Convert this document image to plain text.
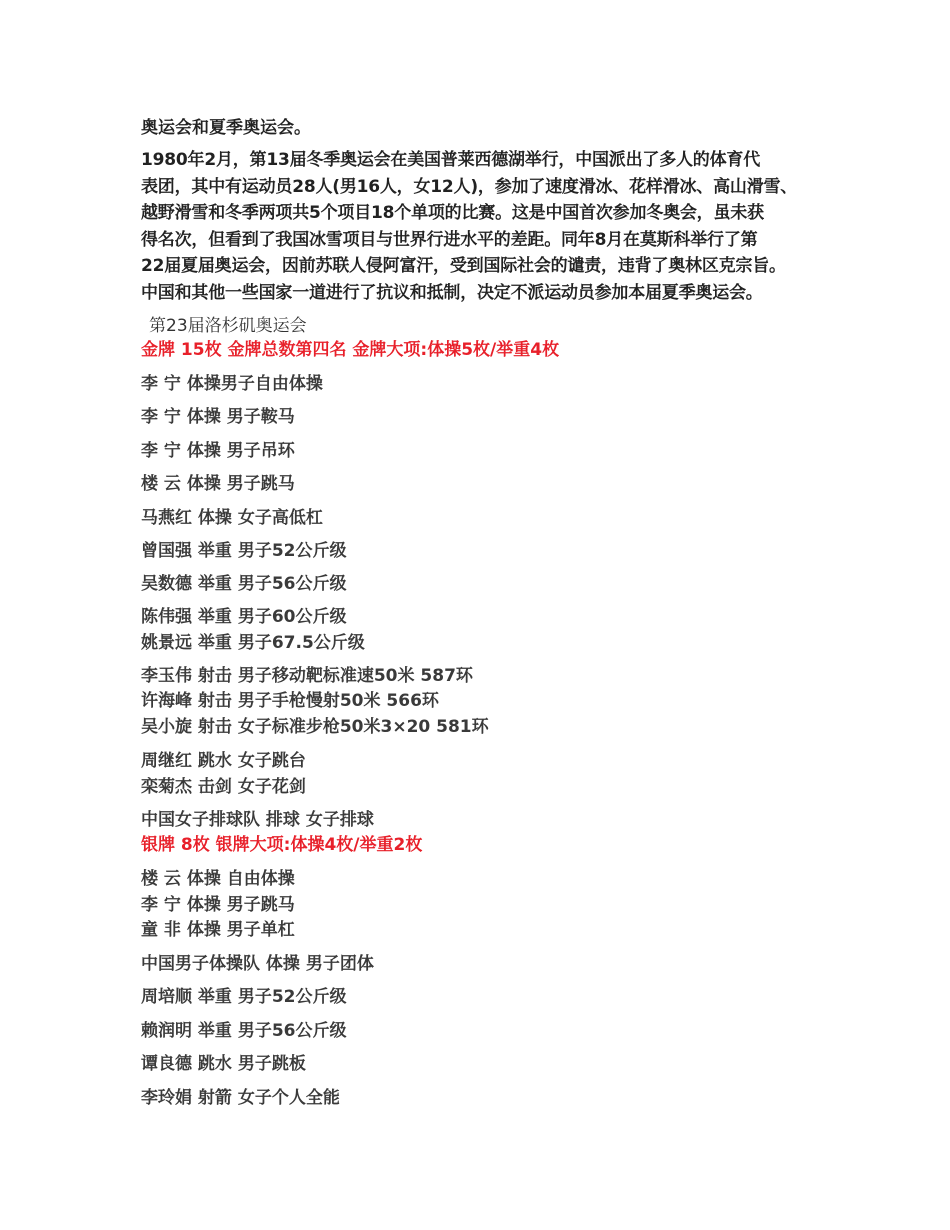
奥运会和夏季奥运会。
1980年2月，第13届冬季奥运会在美国普莱西德湖举行，中国派出了多人的体育代
表团，其中有运动员28人(男16人，女12人)，参加了速度滑冰、花样滑冰、高山滑雪、
越野滑雪和冬季两项共5个项目18个单项的比赛。这是中国首次参加冬奥会，虽未获
得名次，但看到了我国冰雪项目与世界行进水平的差距。同年8月在莫斯科举行了第
22届夏届奥运会，因前苏联人侵阿富汗，受到国际社会的谴责，违背了奥林区克宗旨。
中国和其他一些国家一道进行了抗议和抵制，决定不派运动员参加本届夏季奥运会。
第23届洛杉矶奥运会
金牌 15枚 金牌总数第四名 金牌大项:体操5枚/举重4枚
李 宁 体操男子自由体操
李 宁 体操 男子鞍马
李 宁 体操 男子吊环
楼 云 体操 男子跳马
马燕红 体操 女子高低杠
曾国强 举重 男子52公斤级
吴数德 举重 男子56公斤级
陈伟强 举重 男子60公斤级
姚景远 举重 男子67.5公斤级
李玉伟 射击 男子移动靶标准速50米 587环
许海峰 射击 男子手枪慢射50米 566环
吴小旋 射击 女子标准步枪50米3×20 581环
周继红 跳水 女子跳台
栾菊杰 击剑 女子花剑
中国女子排球队 排球 女子排球
银牌 8枚 银牌大项:体操4枚/举重2枚
楼 云 体操 自由体操
李 宁 体操 男子跳马
童 非 体操 男子单杠
中国男子体操队 体操 男子团体
周培顺 举重 男子52公斤级
赖润明 举重 男子56公斤级
谭良德 跳水 男子跳板
李玲娟 射箭 女子个人全能
